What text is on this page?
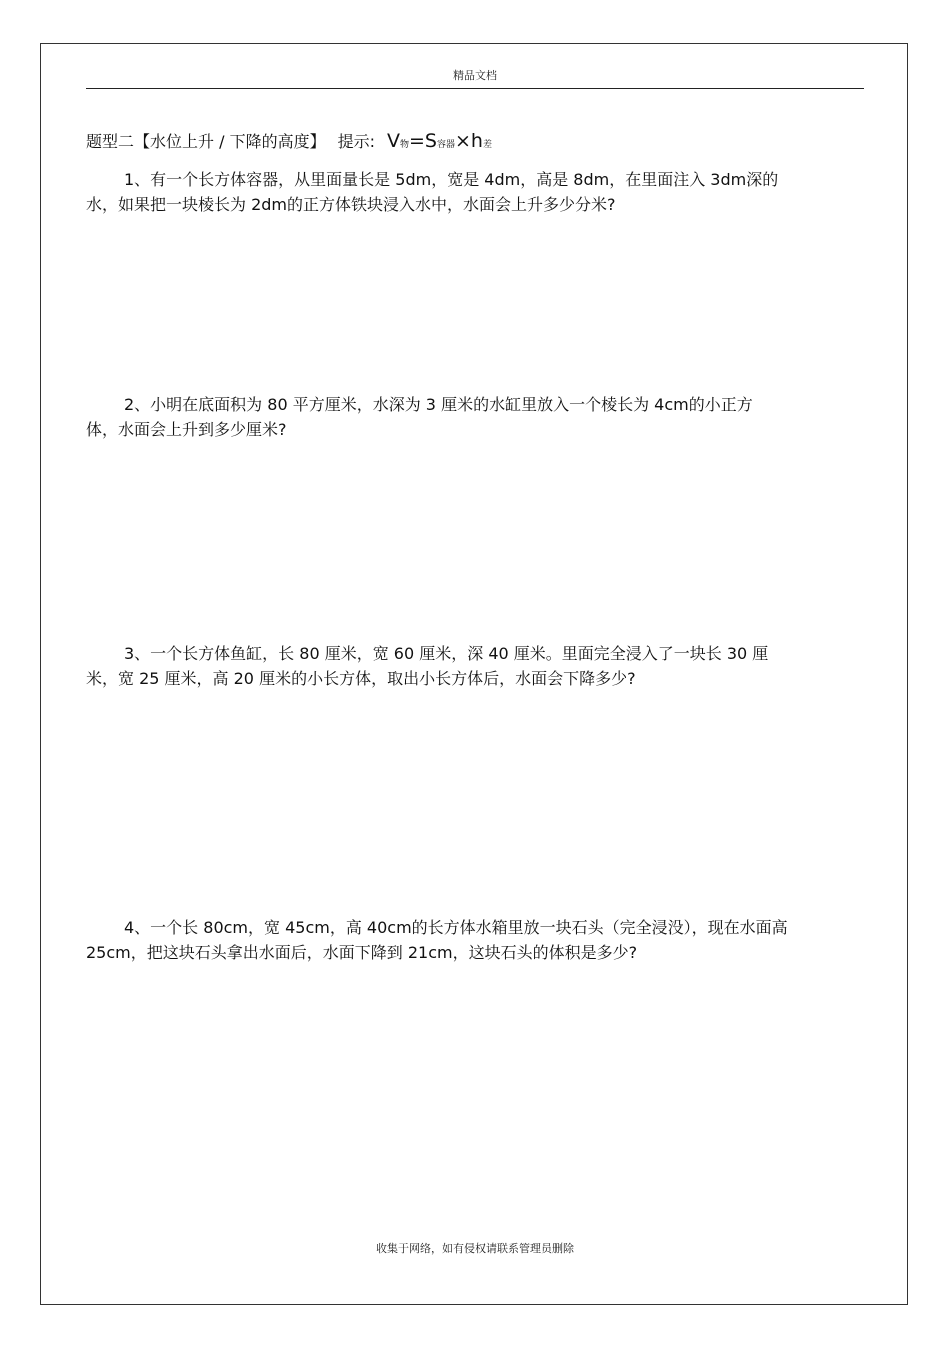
精品文档
题型二【水位上升 / 下降的高度】 提示: V物=S容器×h差
1、有一个长方体容器，从里面量长是 5dm，宽是 4dm，高是 8dm，在里面注入 3dm深的
水，如果把一块棱长为 2dm的正方体铁块浸入水中，水面会上升多少分米?
2、小明在底面积为 80 平方厘米，水深为 3 厘米的水缸里放入一个棱长为 4cm的小正方
体，水面会上升到多少厘米?
3、一个长方体鱼缸，长 80 厘米，宽 60 厘米，深 40 厘米。里面完全浸入了一块长 30 厘
米，宽 25 厘米，高 20 厘米的小长方体，取出小长方体后，水面会下降多少?
4、一个长 80cm，宽 45cm，高 40cm的长方体水箱里放一块石头（完全浸没），现在水面高
25cm，把这块石头拿出水面后，水面下降到 21cm，这块石头的体积是多少?
收集于网络，如有侵权请联系管理员删除
